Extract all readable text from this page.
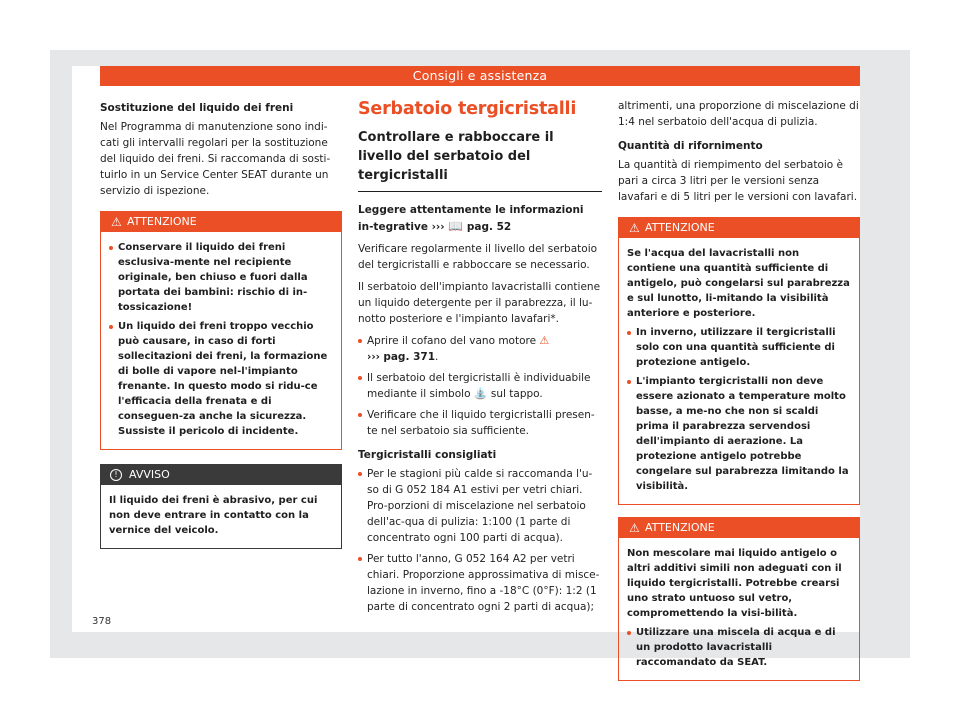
Consigli e assistenza
Sostituzione del liquido dei freni

Nel Programma di manutenzione sono indi-cati gli intervalli regolari per la sostituzione del liquido dei freni. Si raccomanda di sosti-tuirlo in un Service Center SEAT durante un servizio di ispezione.

⚠ ATTENZIONE
Conservare il liquido dei freni esclusiva-mente nel recipiente originale, ben chiuso e fuori dalla portata dei bambini: rischio di in-tossicazione!
Un liquido dei freni troppo vecchio può causare, in caso di forti sollecitazioni dei freni, la formazione di bolle di vapore nel-l'impianto frenante. In questo modo si ridu-ce l'efficacia della frenata e di conseguen-za anche la sicurezza. Sussiste il pericolo di incidente.
!	AVVISO

Il liquido dei freni è abrasivo, per cui non deve entrare in contatto con la vernice del veicolo.

Serbatoio tergicristalli
Controllare e rabboccare il livello del serbatoio del tergicristalli
Leggere attentamente le informazioni in-tegrative ››› 📖 pag. 52

Verificare regolarmente il livello del serbatoio del tergicristalli e rabboccare se necessario.

Il serbatoio dell'impianto lavacristalli contiene un liquido detergente per il parabrezza, il lu-notto posteriore e l'impianto lavafari*.

Aprire il cofano del vano motore ⚠
››› pag. 371.
Il serbatoio del tergicristalli è individuabile mediante il simbolo ⛲ sul tappo.
Verificare che il liquido tergicristalli presen-te nel serbatoio sia sufficiente.
Tergicristalli consigliati
Per le stagioni più calde si raccomanda l'u-so di G 052 184 A1 estivi per vetri chiari. Pro-porzioni di miscelazione nel serbatoio dell'ac-qua di pulizia: 1:100 (1 parte di concentrato ogni 100 parti di acqua).
Per tutto l'anno, G 052 164 A2 per vetri chiari. Proporzione approssimativa di misce-lazione in inverno, fino a -18°C (0°F): 1:2 (1 parte di concentrato ogni 2 parti di acqua);

altrimenti, una proporzione di miscelazione di 1:4 nel serbatoio dell'acqua di pulizia.

Quantità di rifornimento

La quantità di riempimento del serbatoio è pari a circa 3 litri per le versioni senza lavafari e di 5 litri per le versioni con lavafari.

⚠ ATTENZIONE

Se l'acqua del lavacristalli non contiene una quantità sufficiente di antigelo, può congelarsi sul parabrezza e sul lunotto, li-mitando la visibilità anteriore e posteriore.

In inverno, utilizzare il tergicristalli solo con una quantità sufficiente di protezione antigelo.
L'impianto tergicristalli non deve essere azionato a temperature molto basse, a me-no che non si scaldi prima il parabrezza servendosi dell'impianto di aerazione. La protezione antigelo potrebbe congelare sul parabrezza limitando la visibilità.
⚠ ATTENZIONE

Non mescolare mai liquido antigelo o altri additivi simili non adeguati con il liquido tergicristalli. Potrebbe crearsi uno strato untuoso sul vetro, compromettendo la visi-bilità.

Utilizzare una miscela di acqua e di un prodotto lavacristalli raccomandato da SEAT.
378
